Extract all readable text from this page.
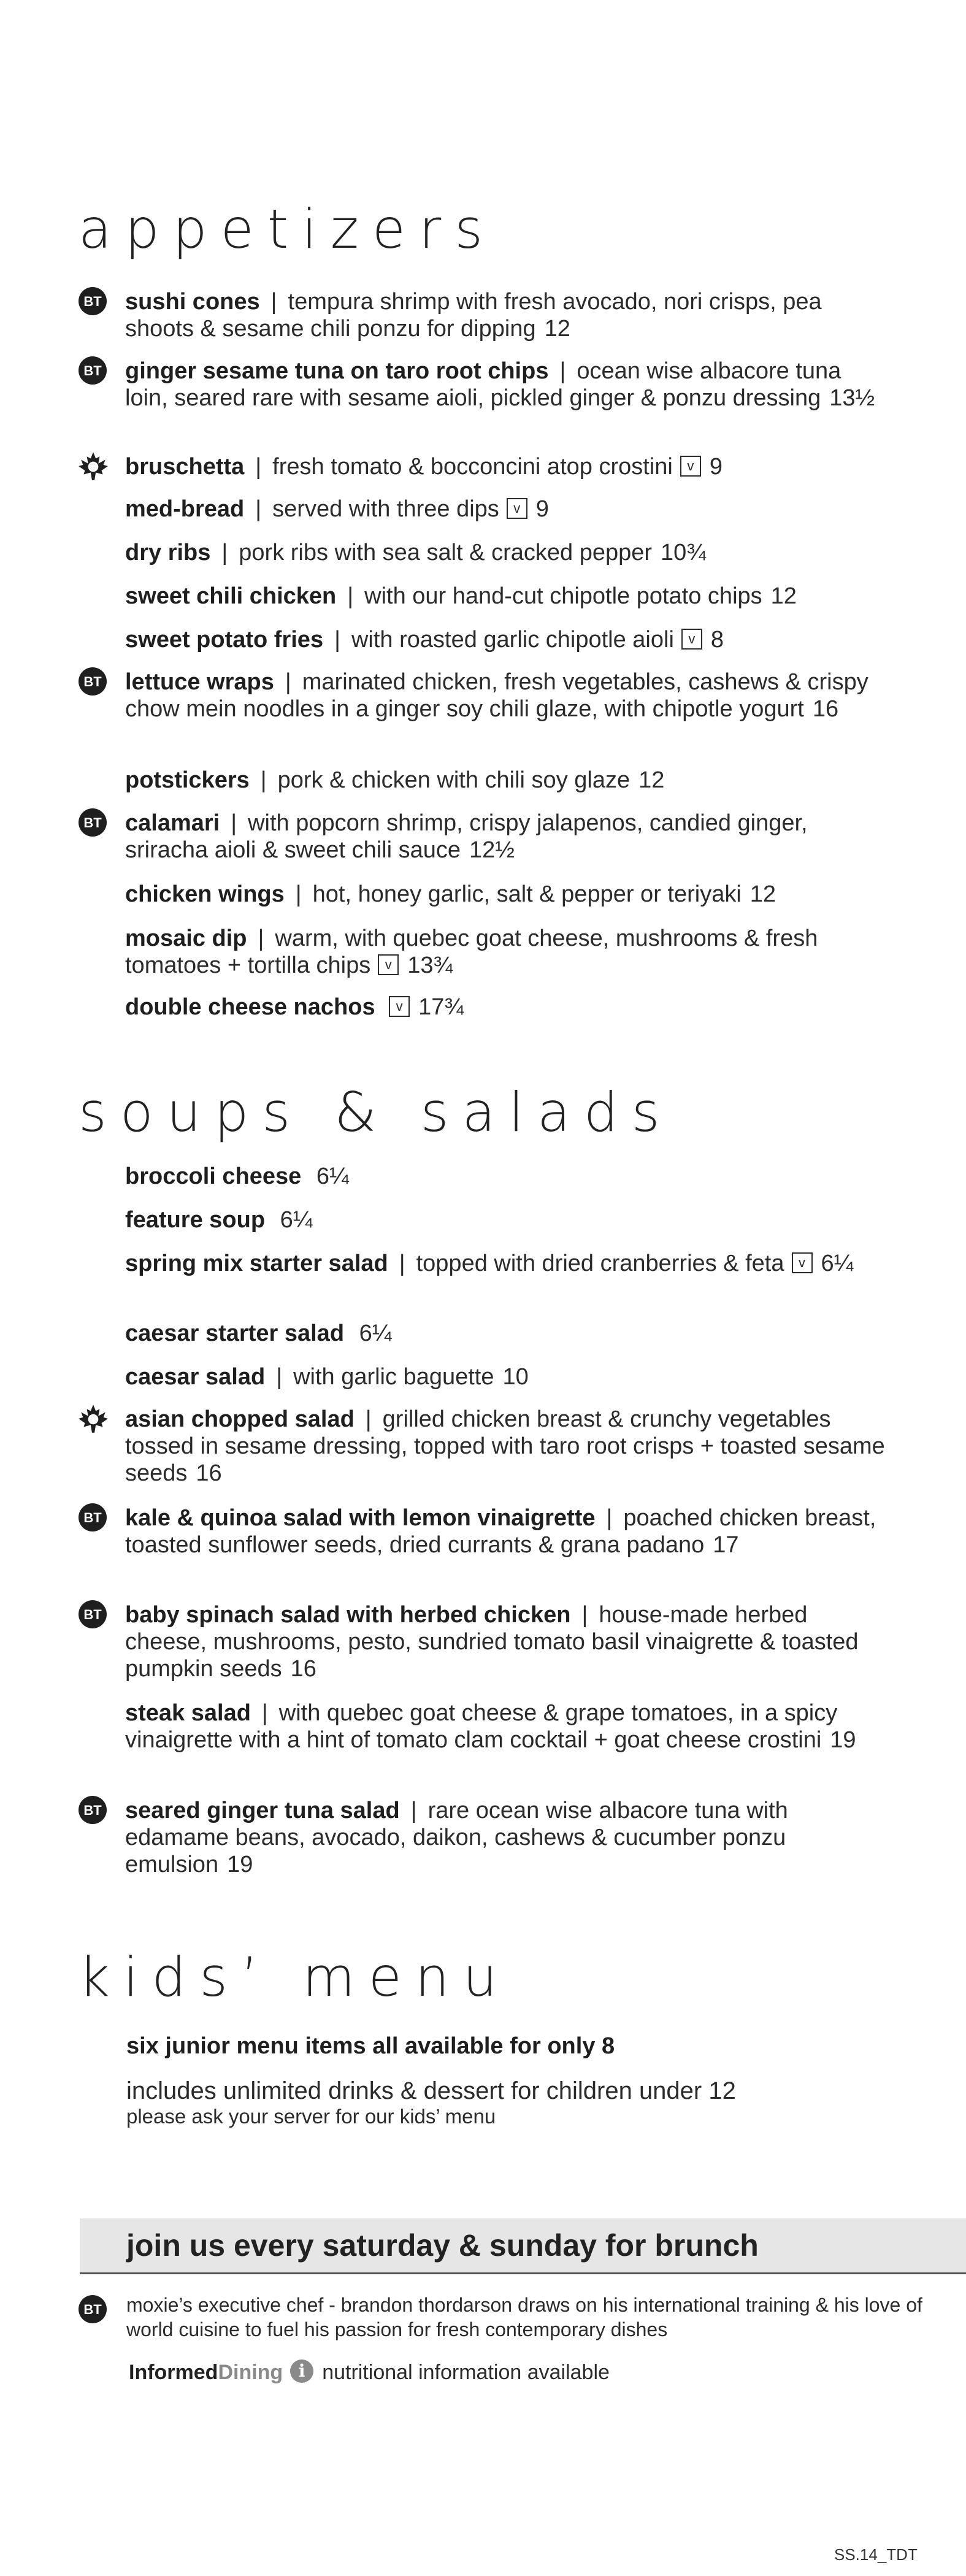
appetizers
BT sushi cones | tempura shrimp with fresh avocado, nori crisps, pea shoots & sesame chili ponzu for dipping 12
BT ginger sesame tuna on taro root chips | ocean wise albacore tuna loin, seared rare with sesame aioli, pickled ginger & ponzu dressing 13½
bruschetta | fresh tomato & bocconcini atop crostini v 9
med-bread | served with three dips v 9
dry ribs | pork ribs with sea salt & cracked pepper 10¾
sweet chili chicken | with our hand-cut chipotle potato chips 12
sweet potato fries | with roasted garlic chipotle aioli v 8
BT lettuce wraps | marinated chicken, fresh vegetables, cashews & crispy chow mein noodles in a ginger soy chili glaze, with chipotle yogurt 16
potstickers | pork & chicken with chili soy glaze 12
BT calamari | with popcorn shrimp, crispy jalapenos, candied ginger, sriracha aioli & sweet chili sauce 12½
chicken wings | hot, honey garlic, salt & pepper or teriyaki 12
mosaic dip | warm, with quebec goat cheese, mushrooms & fresh tomatoes + tortilla chips v 13¾
double cheese nachos v 17¾
soups & salads
broccoli cheese 6¼
feature soup 6¼
spring mix starter salad | topped with dried cranberries & feta v 6¼
caesar starter salad 6¼
caesar salad | with garlic baguette 10
asian chopped salad | grilled chicken breast & crunchy vegetables tossed in sesame dressing, topped with taro root crisps + toasted sesame seeds 16
BT kale & quinoa salad with lemon vinaigrette | poached chicken breast, toasted sunflower seeds, dried currants & grana padano 17
BT baby spinach salad with herbed chicken | house-made herbed cheese, mushrooms, pesto, sundried tomato basil vinaigrette & toasted pumpkin seeds 16
steak salad | with quebec goat cheese & grape tomatoes, in a spicy vinaigrette with a hint of tomato clam cocktail + goat cheese crostini 19
BT seared ginger tuna salad | rare ocean wise albacore tuna with edamame beans, avocado, daikon, cashews & cucumber ponzu emulsion 19
kids’ menu
six junior menu items all available for only 8
includes unlimited drinks & dessert for children under 12
please ask your server for our kids’ menu
join us every saturday & sunday for brunch
BT moxie’s executive chef - brandon thordarson draws on his international training & his love of world cuisine to fuel his passion for fresh contemporary dishes
InformedDining i nutritional information available
SS.14_TDT
